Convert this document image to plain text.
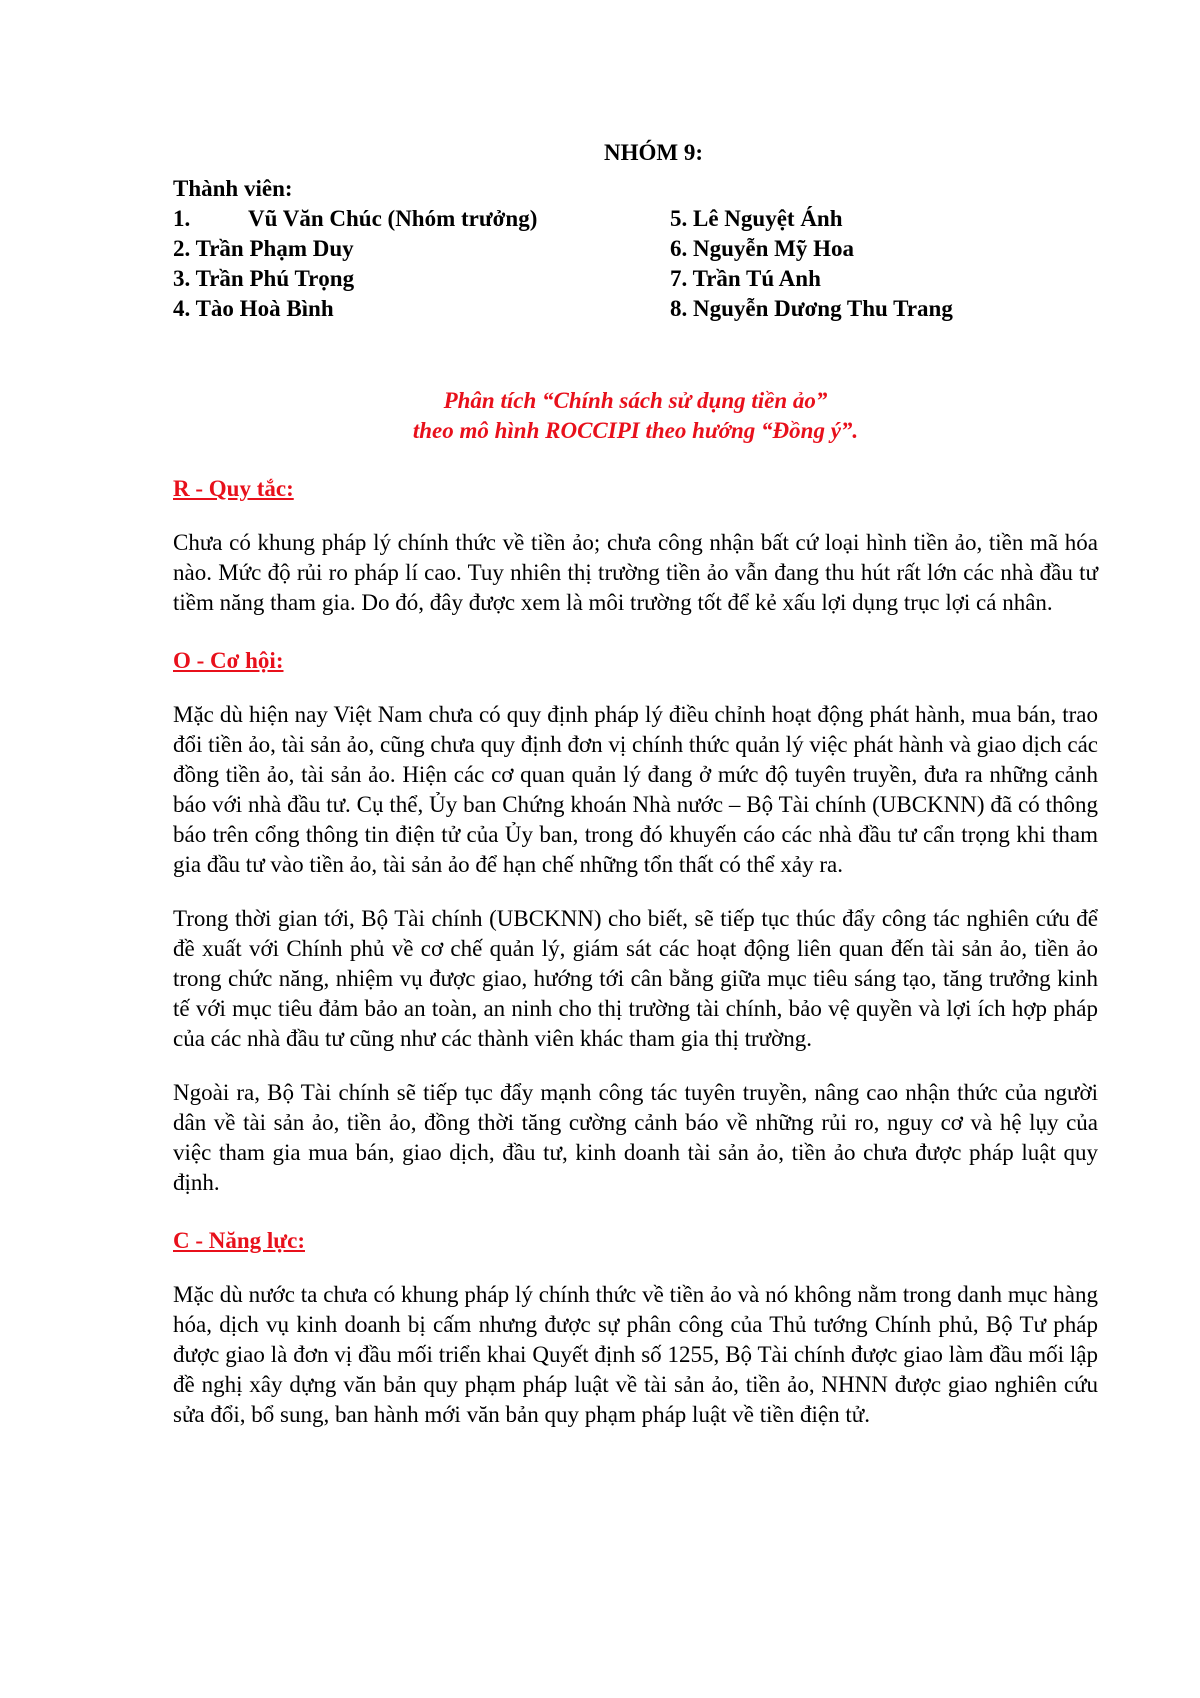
NHÓM 9:
Thành viên:
1.	Vũ Văn Chúc (Nhóm trưởng)
2. Trần Phạm Duy
3. Trần Phú Trọng
4. Tào Hoà Bình
5. Lê Nguyệt Ánh
6. Nguyễn Mỹ Hoa
7. Trần Tú Anh
8. Nguyễn Dương Thu Trang
Phân tích “Chính sách sử dụng tiền ảo”
theo mô hình ROCCIPI theo hướng “Đồng ý”.
R - Quy tắc:

Chưa có khung pháp lý chính thức về tiền ảo; chưa công nhận bất cứ loại hình tiền ảo, tiền mã hóa nào. Mức độ rủi ro pháp lí cao. Tuy nhiên thị trường tiền ảo vẫn đang thu hút rất lớn các nhà đầu tư tiềm năng tham gia. Do đó, đây được xem là môi trường tốt để kẻ xấu lợi dụng trục lợi cá nhân.

O - Cơ hội:

Mặc dù hiện nay Việt Nam chưa có quy định pháp lý điều chỉnh hoạt động phát hành, mua bán, trao đổi tiền ảo, tài sản ảo, cũng chưa quy định đơn vị chính thức quản lý việc phát hành và giao dịch các đồng tiền ảo, tài sản ảo. Hiện các cơ quan quản lý đang ở mức độ tuyên truyền, đưa ra những cảnh báo với nhà đầu tư. Cụ thể, Ủy ban Chứng khoán Nhà nước – Bộ Tài chính (UBCKNN) đã có thông báo trên cổng thông tin điện tử của Ủy ban, trong đó khuyến cáo các nhà đầu tư cẩn trọng khi tham gia đầu tư vào tiền ảo, tài sản ảo để hạn chế những tổn thất có thể xảy ra.

Trong thời gian tới, Bộ Tài chính (UBCKNN) cho biết, sẽ tiếp tục thúc đẩy công tác nghiên cứu để đề xuất với Chính phủ về cơ chế quản lý, giám sát các hoạt động liên quan đến tài sản ảo, tiền ảo trong chức năng, nhiệm vụ được giao, hướng tới cân bằng giữa mục tiêu sáng tạo, tăng trưởng kinh tế với mục tiêu đảm bảo an toàn, an ninh cho thị trường tài chính, bảo vệ quyền và lợi ích hợp pháp của các nhà đầu tư cũng như các thành viên khác tham gia thị trường.

Ngoài ra, Bộ Tài chính sẽ tiếp tục đẩy mạnh công tác tuyên truyền, nâng cao nhận thức của người dân về tài sản ảo, tiền ảo, đồng thời tăng cường cảnh báo về những rủi ro, nguy cơ và hệ lụy của việc tham gia mua bán, giao dịch, đầu tư, kinh doanh tài sản ảo, tiền ảo chưa được pháp luật quy định.

C - Năng lực:

Mặc dù nước ta chưa có khung pháp lý chính thức về tiền ảo và nó không nằm trong danh mục hàng hóa, dịch vụ kinh doanh bị cấm nhưng được sự phân công của Thủ tướng Chính phủ, Bộ Tư pháp được giao là đơn vị đầu mối triển khai Quyết định số 1255, Bộ Tài chính được giao làm đầu mối lập đề nghị xây dựng văn bản quy phạm pháp luật về tài sản ảo, tiền ảo, NHNN được giao nghiên cứu sửa đổi, bổ sung, ban hành mới văn bản quy phạm pháp luật về tiền điện tử.
